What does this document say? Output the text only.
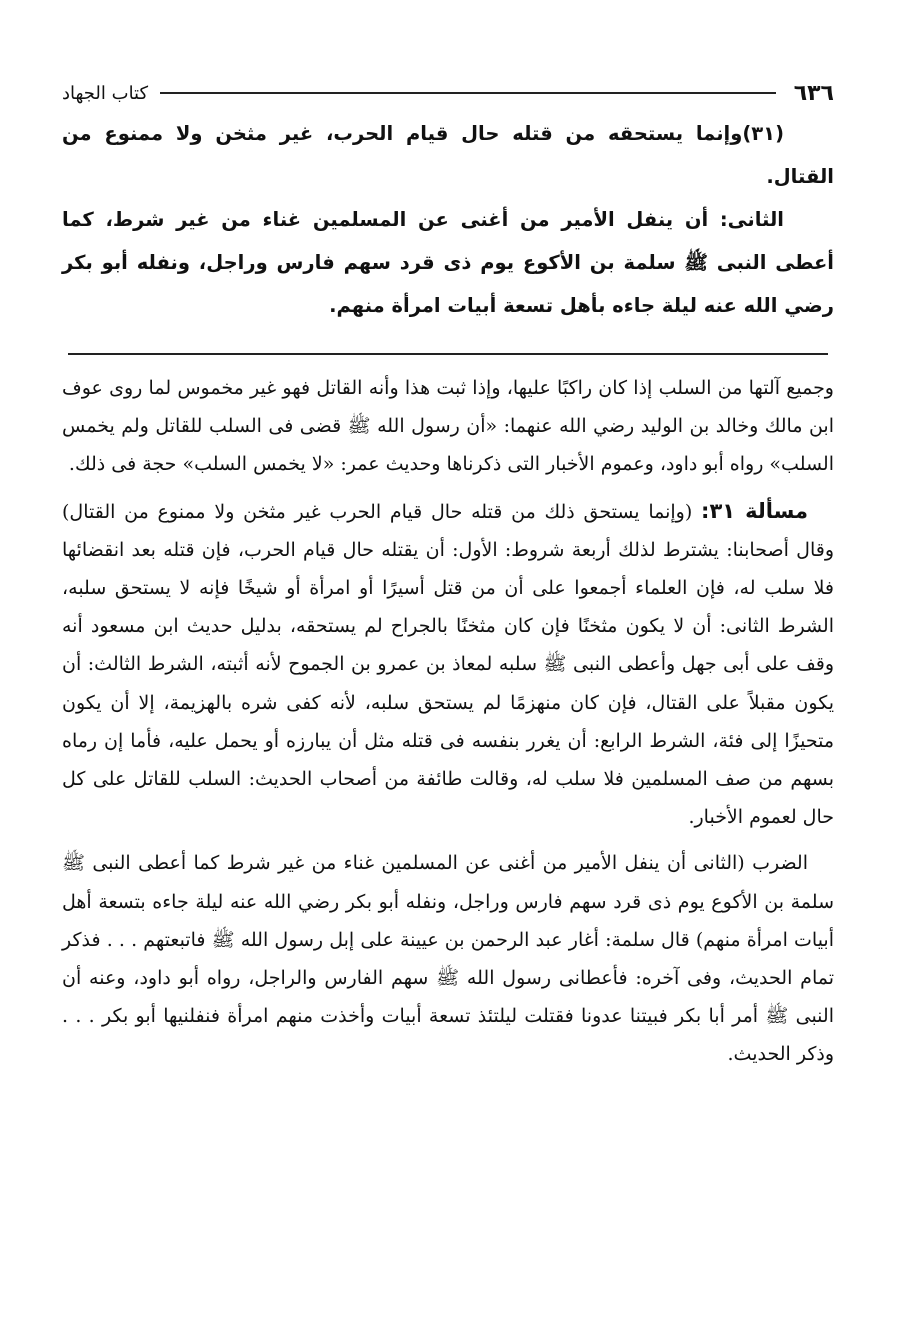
٦٣٦
كتاب الجهاد

(٣١)وإنما يستحقه من قتله حال قيام الحرب، غير مثخن ولا ممنوع من القتال.

الثانى: أن ينفل الأمير من أغنى عن المسلمين غناء من غير شرط، كما أعطى النبى ﷺ سلمة بن الأكوع يوم ذى قرد سهم فارس وراجل، ونفله أبو بكر رضي الله عنه ليلة جاءه بأهل تسعة أبيات امرأة منهم.

وجميع آلتها من السلب إذا كان راكبًا عليها، وإذا ثبت هذا وأنه القاتل فهو غير مخموس لما روى عوف ابن مالك وخالد بن الوليد رضي الله عنهما: «أن رسول الله ﷺ قضى فى السلب للقاتل ولم يخمس السلب» رواه أبو داود، وعموم الأخبار التى ذكرناها وحديث عمر: «لا يخمس السلب» حجة فى ذلك.

مسألة ٣١: (وإنما يستحق ذلك من قتله حال قيام الحرب غير مثخن ولا ممنوع من القتال) وقال أصحابنا: يشترط لذلك أربعة شروط: الأول: أن يقتله حال قيام الحرب، فإن قتله بعد انقضائها فلا سلب له، فإن العلماء أجمعوا على أن من قتل أسيرًا أو امرأة أو شيخًا فإنه لا يستحق سلبه، الشرط الثانى: أن لا يكون مثخنًا فإن كان مثخنًا بالجراح لم يستحقه، بدليل حديث ابن مسعود أنه وقف على أبى جهل وأعطى النبى ﷺ سلبه لمعاذ بن عمرو بن الجموح لأنه أثبته، الشرط الثالث: أن يكون مقبلاً على القتال، فإن كان منهزمًا لم يستحق سلبه، لأنه كفى شره بالهزيمة، إلا أن يكون متحيزًا إلى فئة، الشرط الرابع: أن يغرر بنفسه فى قتله مثل أن يبارزه أو يحمل عليه، فأما إن رماه بسهم من صف المسلمين فلا سلب له، وقالت طائفة من أصحاب الحديث: السلب للقاتل على كل حال لعموم الأخبار.

الضرب (الثانى أن ينفل الأمير من أغنى عن المسلمين غناء من غير شرط كما أعطى النبى ﷺ سلمة بن الأكوع يوم ذى قرد سهم فارس وراجل، ونفله أبو بكر رضي الله عنه ليلة جاءه بتسعة أهل أبيات امرأة منهم) قال سلمة: أغار عبد الرحمن بن عيينة على إبل رسول الله ﷺ فاتبعتهم . . . فذكر تمام الحديث، وفى آخره: فأعطانى رسول الله ﷺ سهم الفارس والراجل، رواه أبو داود، وعنه أن النبى ﷺ أمر أبا بكر فبيتنا عدونا فقتلت ليلتئذ تسعة أبيات وأخذت منهم امرأة فنفلنيها أبو بكر . . . وذكر الحديث.
